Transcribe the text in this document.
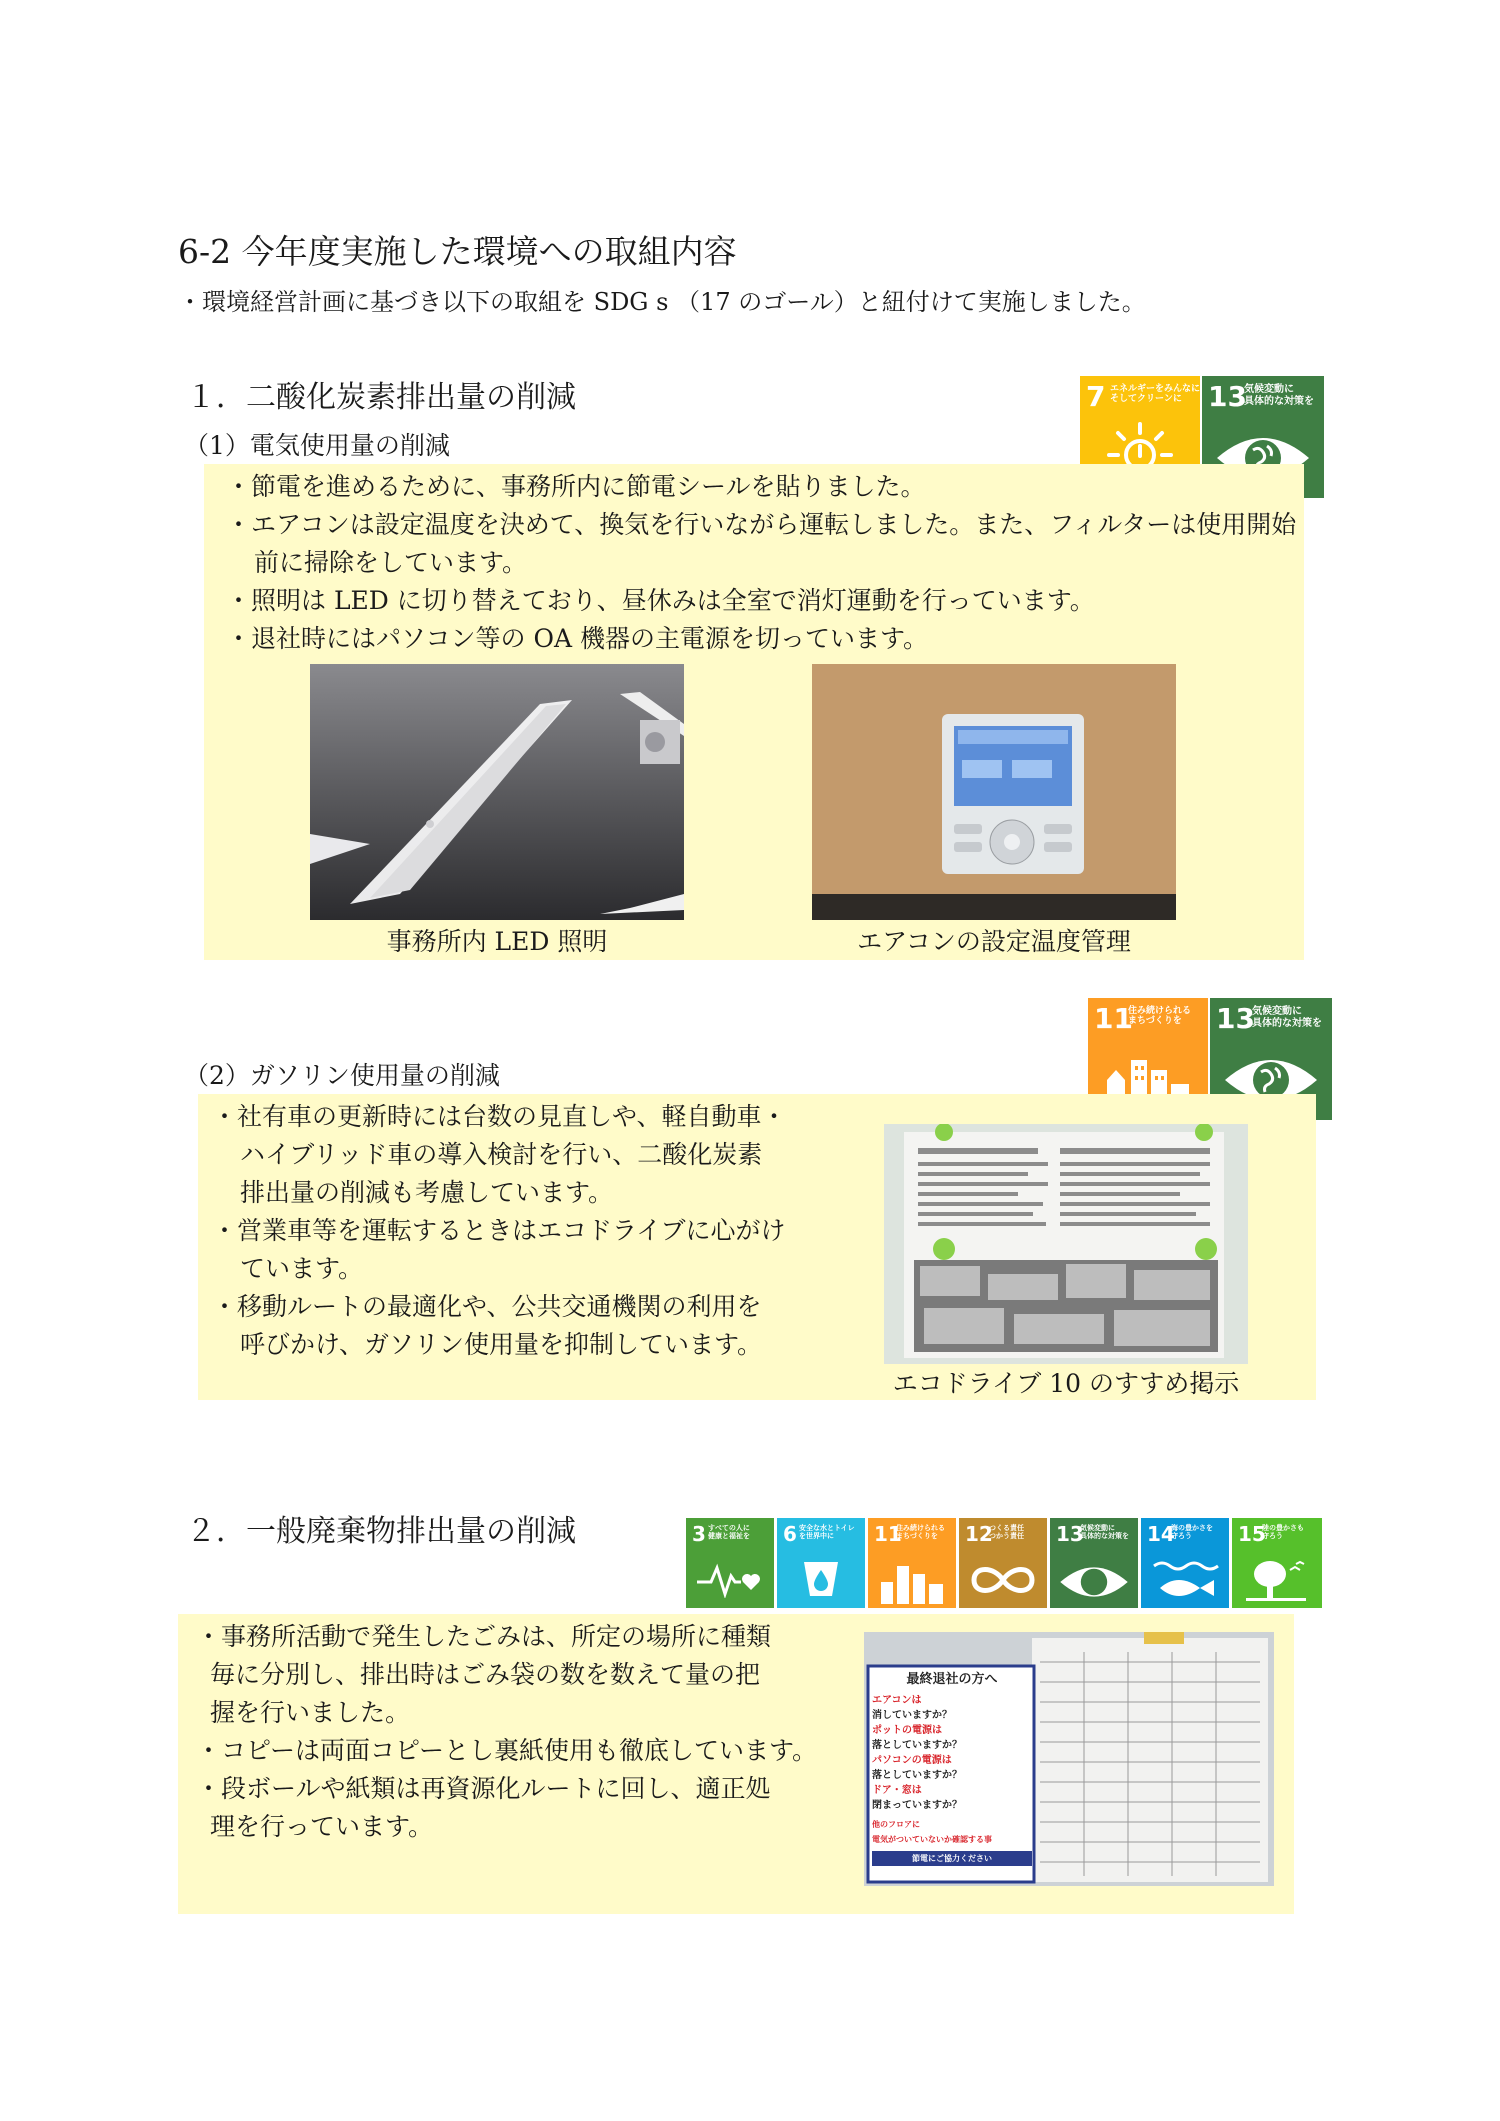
6-2 今年度実施した環境への取組内容
・環境経営計画に基づき以下の取組を SDG s （17 のゴール）と紐付けて実施しました。
１．二酸化炭素排出量の削減	7 エネルギーをみんなに
そしてクリーンに 13
気候変動に
具体的な対策を
（1）電気使用量の削減
・節電を進めるために、事務所内に節電シールを貼りました。
・エアコンは設定温度を決めて、換気を行いながら運転しました。また、フィルターは使用開始前に掃除をしています。
・照明は LED に切り替えており、昼休みは全室で消灯運動を行っています。
・退社時にはパソコン等の OA 機器の主電源を切っています。
事務所内 LED 照明	エアコンの設定温度管理
11
住み続けられる
まちづくりを	13
気候変動に
具体的な対策を
（2）ガソリン使用量の削減
・社有車の更新時には台数の見直しや、軽自動車・
ハイブリッド車の導入検討を行い、二酸化炭素
排出量の削減も考慮しています。
・営業車等を運転するときはエコドライブに心がけ
ています。
・移動ルートの最適化や、公共交通機関の利用を
呼びかけ、ガソリン使用量を抑制しています。
エコドライブ 10 のすすめ掲示
２．一般廃棄物排出量の削減	3 すべての人に
健康と福祉を 6 安全な水とトイレ
を世界中に	11
住み続けられる
まちづくりを	12
つくる責任
つかう責任 13
気候変動に
具体的な対策を 14
海の豊かさを
守ろう	15
陸の豊かさも
守ろう
・事務所活動で発生したごみは、所定の場所に種類
毎に分別し、排出時はごみ袋の数を数えて量の把
握を行いました。
・コピーは両面コピーとし裏紙使用も徹底しています。
・段ボールや紙類は再資源化ルートに回し、適正処
理を行っています。
最終退社の方へ
エアコンは
消していますか？
ポットの電源は
落としていますか？
パソコンの電源は
落としていますか？
ドア・窓は
閉まっていますか？
他のフロアに
電気がついていないか確認する事
節電にご協力ください
